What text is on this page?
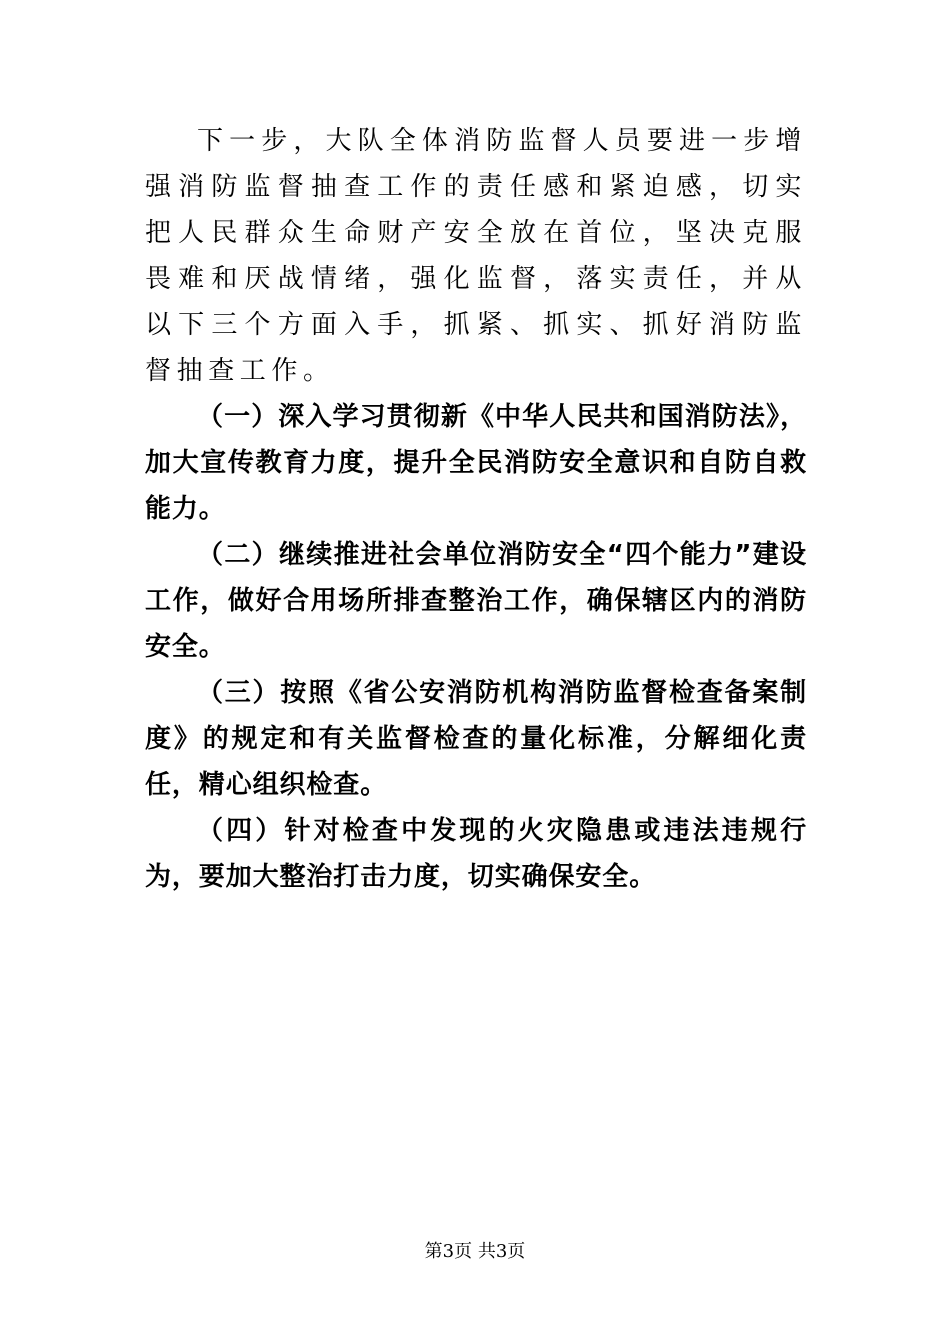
下一步，大队全体消防监督人员要进一步增强消防监督抽查工作的责任感和紧迫感，切实把人民群众生命财产安全放在首位，坚决克服畏难和厌战情绪，强化监督，落实责任，并从以下三个方面入手，抓紧、抓实、抓好消防监督抽查工作。

（一）深入学习贯彻新《中华人民共和国消防法》，加大宣传教育力度，提升全民消防安全意识和自防自救能力。

（二）继续推进社会单位消防安全“四个能力”建设工作，做好合用场所排查整治工作，确保辖区内的消防安全。

（三）按照《省公安消防机构消防监督检查备案制度》的规定和有关监督检查的量化标准，分解细化责任，精心组织检查。

（四）针对检查中发现的火灾隐患或违法违规行为，要加大整治打击力度，切实确保安全。

第3页 共3页
